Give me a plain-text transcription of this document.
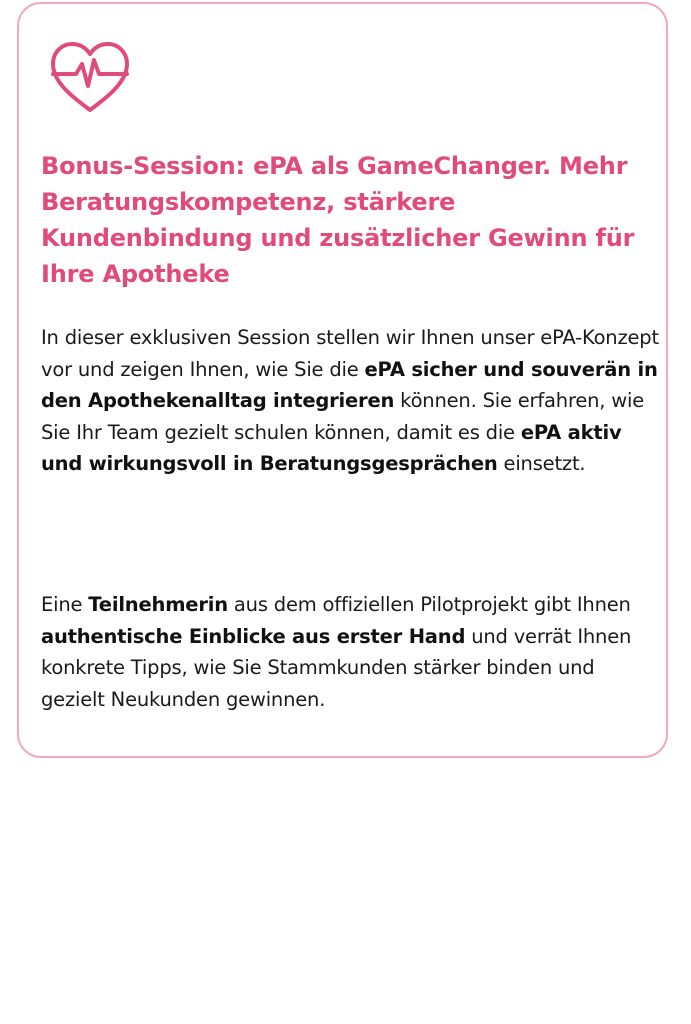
Bonus-Session: ePA als GameChanger. Mehr Beratungskompetenz, stärkere Kundenbindung und zusätzlicher Gewinn für Ihre Apotheke

In dieser exklusiven Session stellen wir Ihnen unser ePA-Konzept vor und zeigen Ihnen, wie Sie die ePA sicher und souverän in den Apothekenalltag integrieren können. Sie erfahren, wie Sie Ihr Team gezielt schulen können, damit es die ePA aktiv und wirkungsvoll in Beratungsgesprächen einsetzt.

Eine Teilnehmerin aus dem offiziellen Pilotprojekt gibt Ihnen authentische Einblicke aus erster Hand und verrät Ihnen konkrete Tipps, wie Sie Stammkunden stärker binden und gezielt Neukunden gewinnen.
